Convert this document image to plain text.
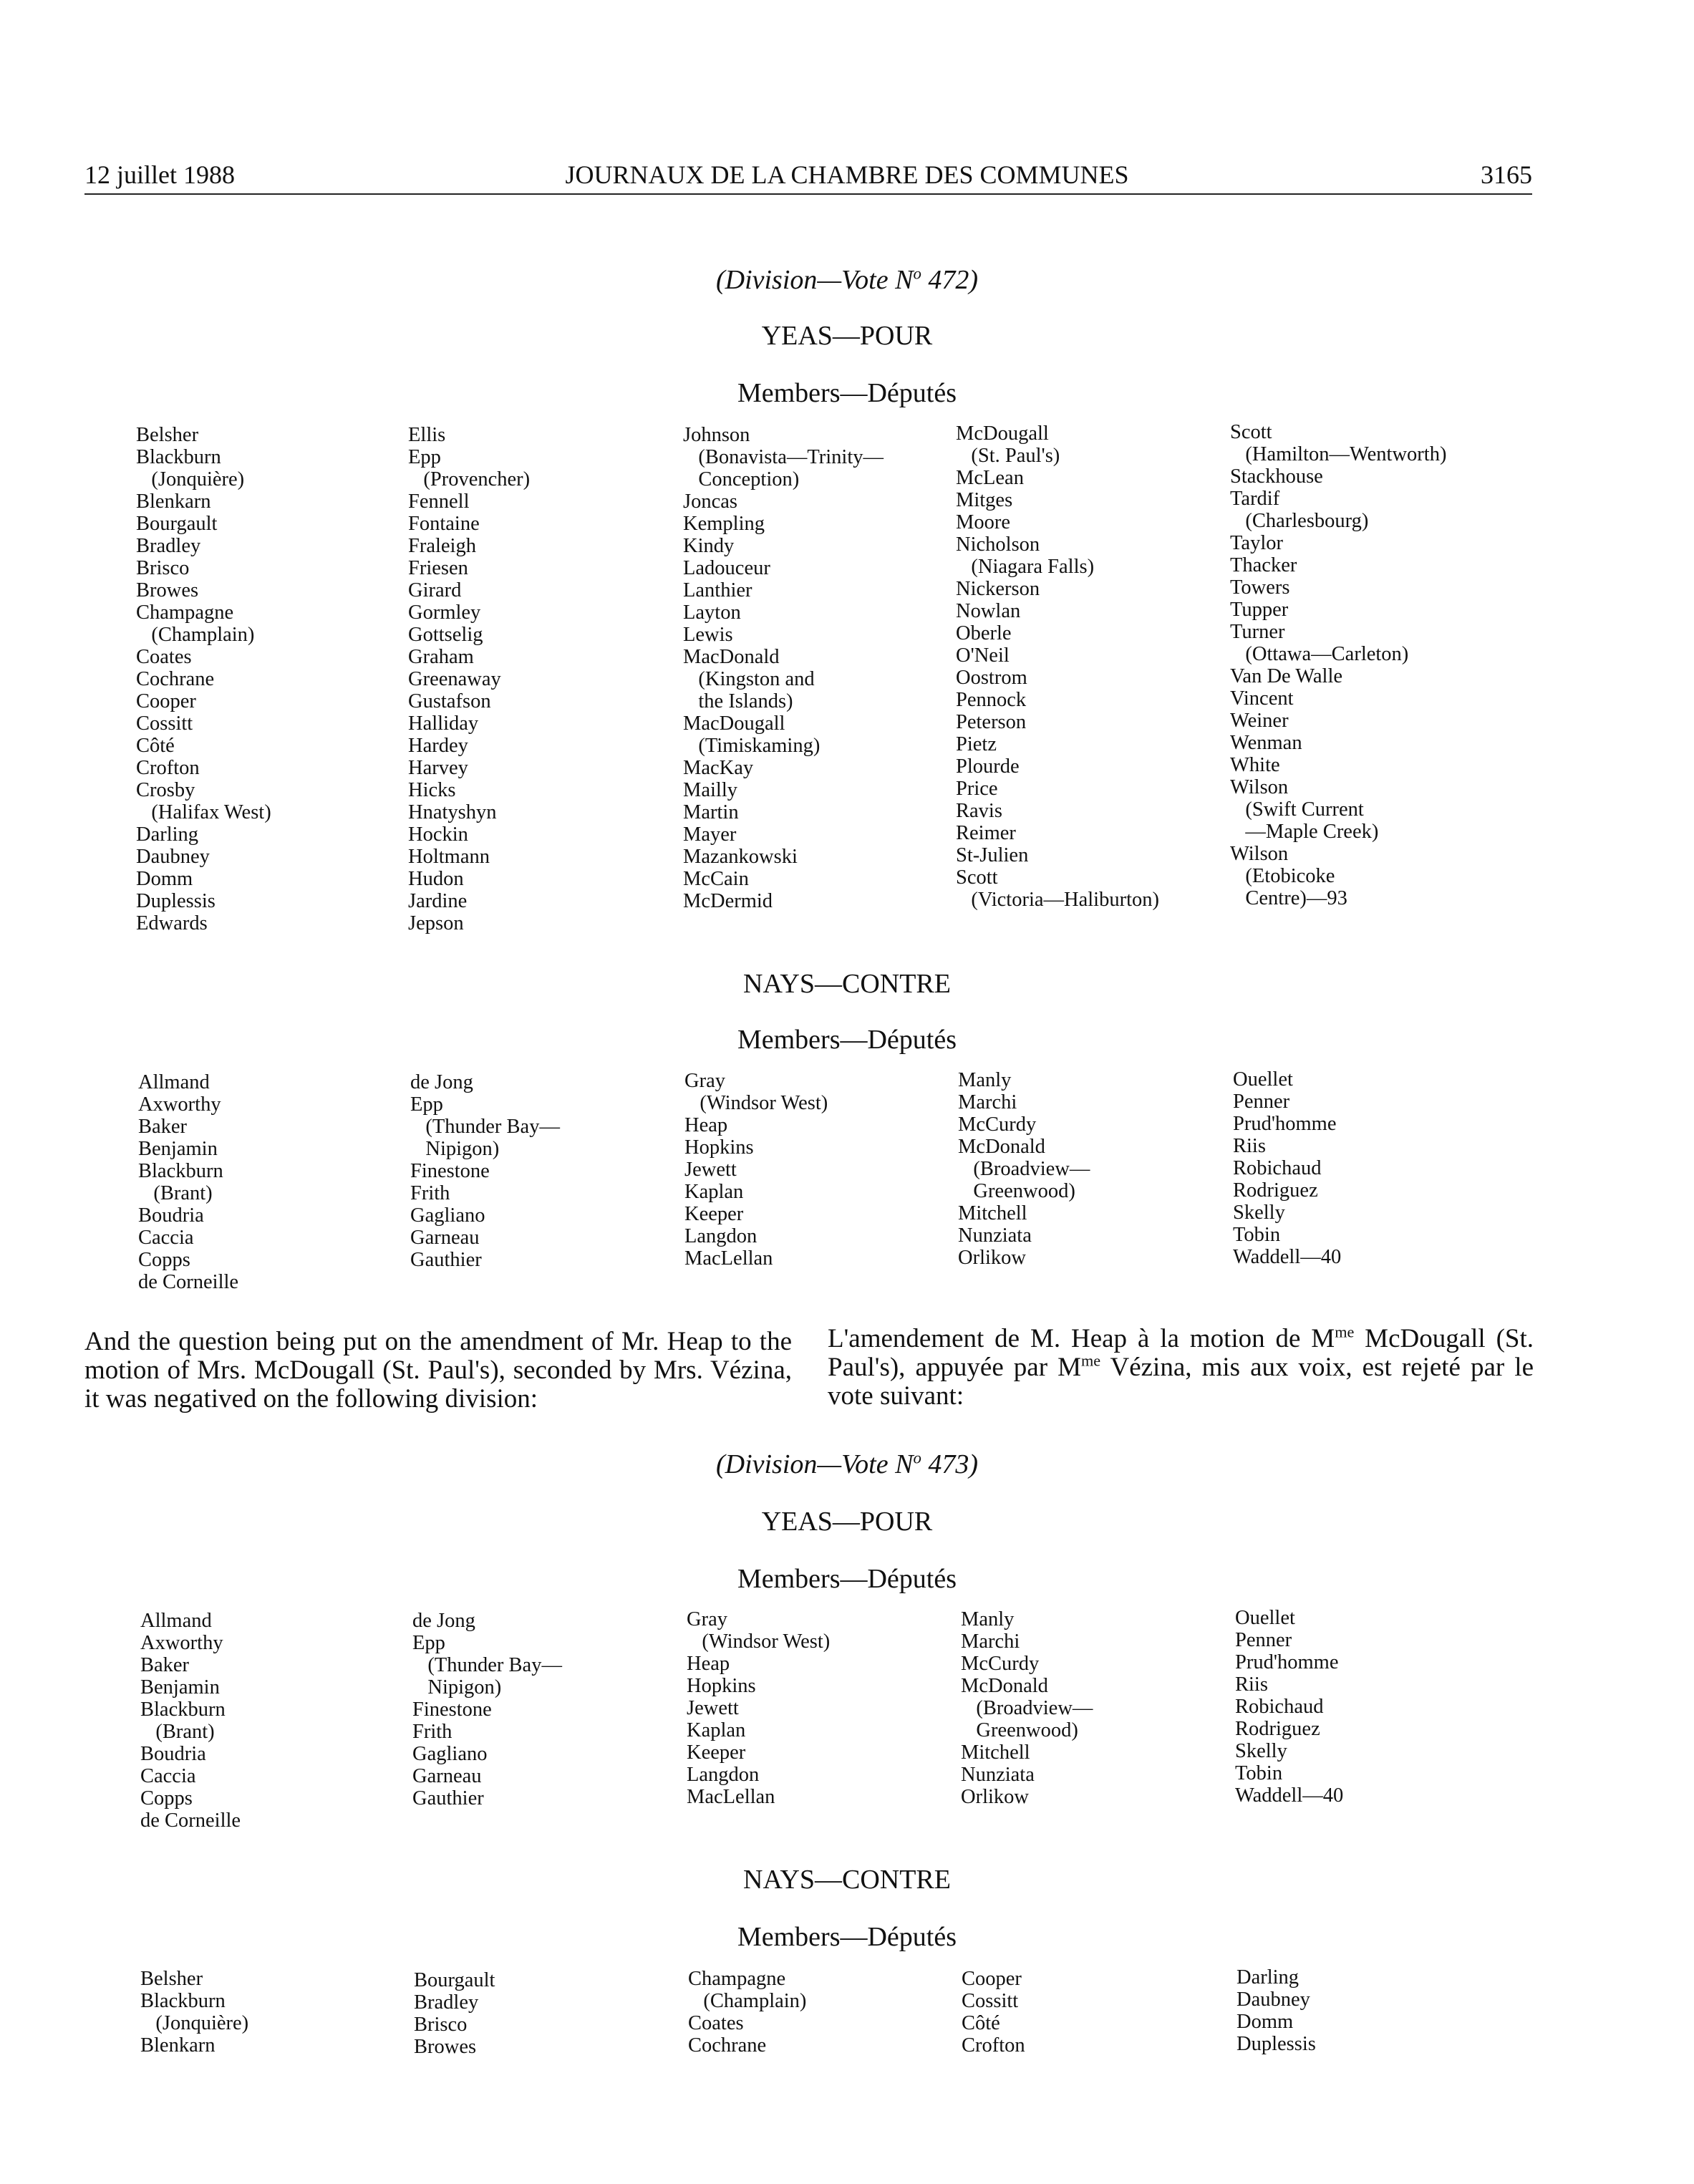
12 juillet 1988	JOURNAUX DE LA CHAMBRE DES COMMUNES	3165
(Division—Vote $N^o$ 472)
YEAS—POUR
Members—Députés
Belsher
Blackburn
(Jonquière)
Blenkarn
Bourgault
Bradley
Brisco
Browes
Champagne
(Champlain)
Coates
Cochrane
Cooper
Cossitt
Côté
Crofton
Crosby
(Halifax West)
Darling
Daubney
Domm
Duplessis
Edwards
Ellis
Epp
(Provencher)
Fennell
Fontaine
Fraleigh
Friesen
Girard
Gormley
Gottselig
Graham
Greenaway
Gustafson
Halliday
Hardey
Harvey
Hicks
Hnatyshyn
Hockin
Holtmann
Hudon
Jardine
Jepson
Johnson
(Bonavista—Trinity—
Conception)
Joncas
Kempling
Kindy
Ladouceur
Lanthier
Layton
Lewis
MacDonald
(Kingston and
the Islands)
MacDougall
(Timiskaming)
MacKay
Mailly
Martin
Mayer
Mazankowski
McCain
McDermid
McDougall
(St. Paul's)
McLean
Mitges
Moore
Nicholson
(Niagara Falls)
Nickerson
Nowlan
Oberle
O'Neil
Oostrom
Pennock
Peterson
Pietz
Plourde
Price
Ravis
Reimer
St-Julien
Scott
(Victoria—Haliburton)
Scott
(Hamilton—Wentworth)
Stackhouse
Tardif
(Charlesbourg)
Taylor
Thacker
Towers
Tupper
Turner
(Ottawa—Carleton)
Van De Walle
Vincent
Weiner
Wenman
White
Wilson
(Swift Current
—Maple Creek)
Wilson
(Etobicoke
Centre)—93
NAYS—CONTRE
Members—Députés
Allmand
Axworthy
Baker
Benjamin
Blackburn
(Brant)
Boudria
Caccia
Copps
de Corneille
de Jong
Epp
(Thunder Bay—
Nipigon)
Finestone
Frith
Gagliano
Garneau
Gauthier
Gray
(Windsor West)
Heap
Hopkins
Jewett
Kaplan
Keeper
Langdon
MacLellan
Manly
Marchi
McCurdy
McDonald
(Broadview—
Greenwood)
Mitchell
Nunziata
Orlikow
Ouellet
Penner
Prud'homme
Riis
Robichaud
Rodriguez
Skelly
Tobin
Waddell—40
And the question being put on the amendment of Mr. Heap to the motion of Mrs. McDougall (St. Paul's), seconded by Mrs. Vézina, it was negatived on the following division:
L'amendement de M. Heap à la motion de $M^{me}$ McDougall (St. Paul's), appuyée par $M^{me}$ Vézina, mis aux voix, est rejeté par le vote suivant:
(Division—Vote $N^o$ 473)
YEAS—POUR
Members—Députés
Allmand
Axworthy
Baker
Benjamin
Blackburn
(Brant)
Boudria
Caccia
Copps
de Corneille
de Jong
Epp
(Thunder Bay—
Nipigon)
Finestone
Frith
Gagliano
Garneau
Gauthier
Gray
(Windsor West)
Heap
Hopkins
Jewett
Kaplan
Keeper
Langdon
MacLellan
Manly
Marchi
McCurdy
McDonald
(Broadview—
Greenwood)
Mitchell
Nunziata
Orlikow
Ouellet
Penner
Prud'homme
Riis
Robichaud
Rodriguez
Skelly
Tobin
Waddell—40
NAYS—CONTRE
Members—Députés
Belsher
Blackburn
(Jonquière)
Blenkarn
Bourgault
Bradley
Brisco
Browes
Champagne
(Champlain)
Coates
Cochrane
Cooper
Cossitt
Côté
Crofton
Darling
Daubney
Domm
Duplessis
